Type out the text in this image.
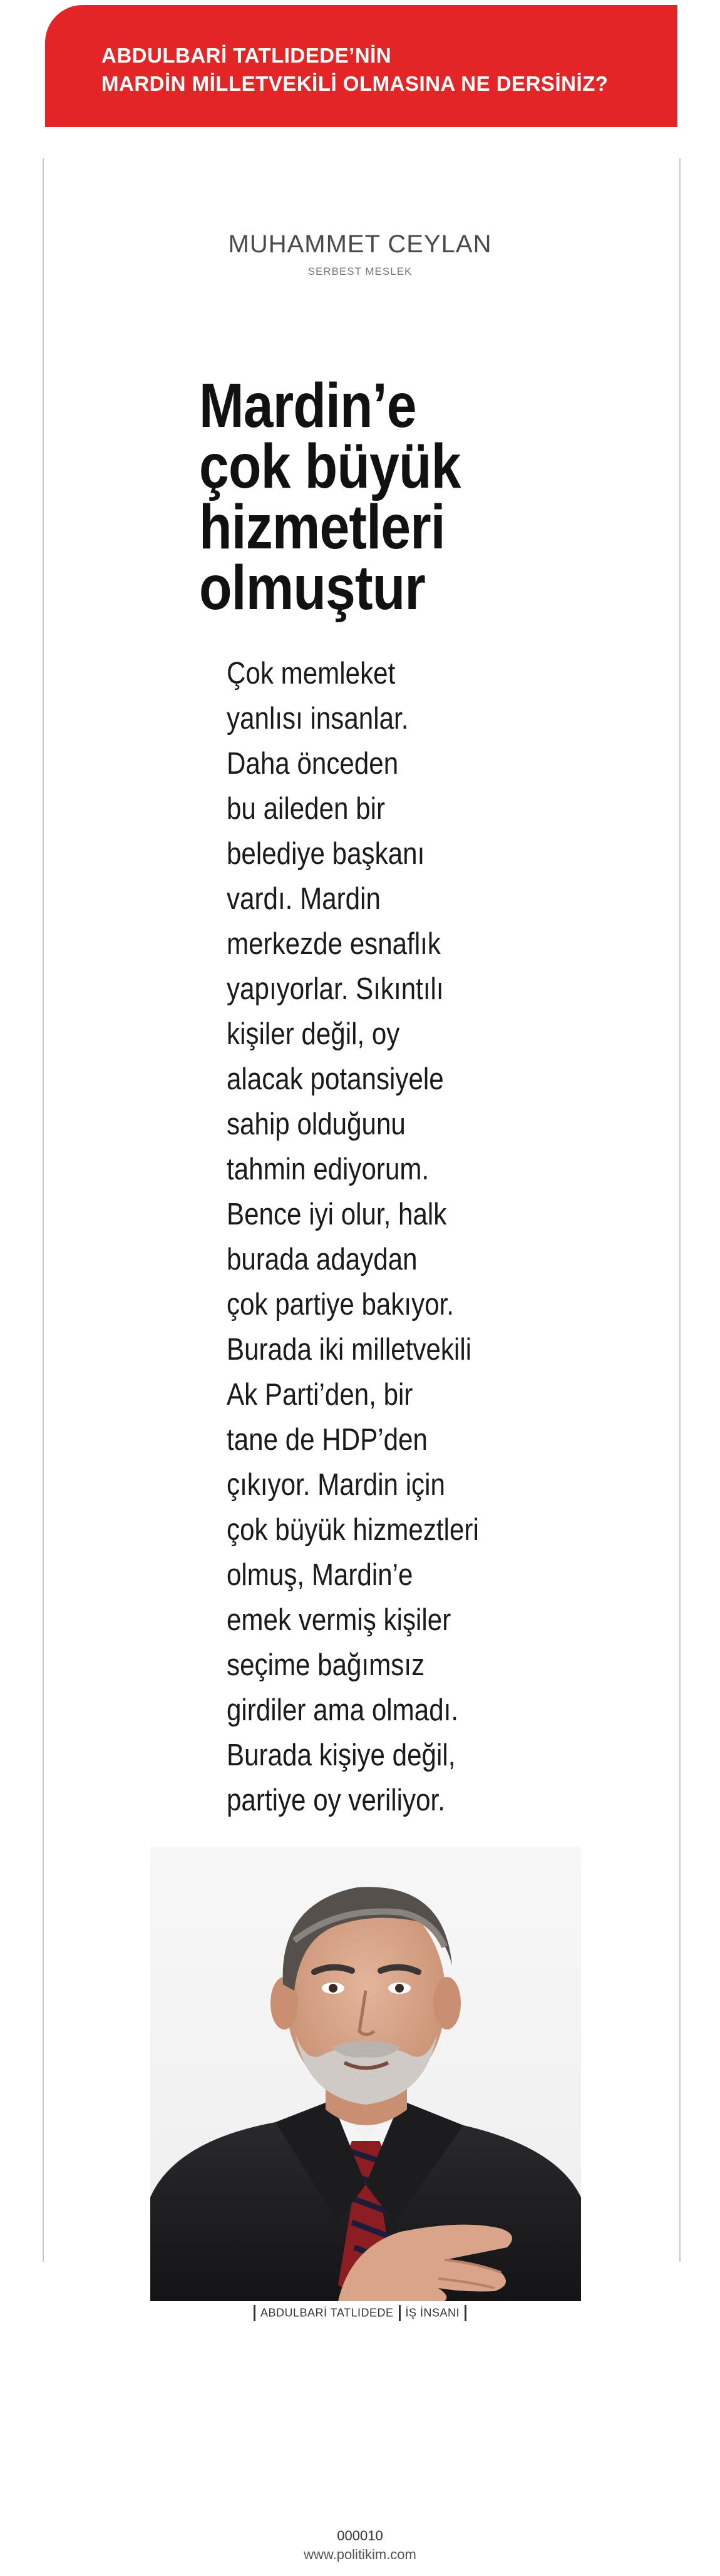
ABDULBARİ TATLIDEDE’NİN
MARDİN MİLLETVEKİLİ OLMASINA NE DERSİNİZ?
MUHAMMET CEYLAN
SERBEST MESLEK
Mardin’e
çok büyük
hizmetleri
olmuştur
Çok memleket
yanlısı insanlar.
Daha önceden
bu aileden bir
belediye başkanı
vardı. Mardin
merkezde esnaflık
yapıyorlar. Sıkıntılı
kişiler değil, oy
alacak potansiyele
sahip olduğunu
tahmin ediyorum.
Bence iyi olur, halk
burada adaydan
çok partiye bakıyor.
Burada iki milletvekili
Ak Parti’den, bir
tane de HDP’den
çıkıyor. Mardin için
çok büyük hizmeztleri
olmuş, Mardin’e
emek vermiş kişiler
seçime bağımsız
girdiler ama olmadı.
Burada kişiye değil,
partiye oy veriliyor.
ABDULBARİ TATLIDEDE İŞ İNSANI
000010
www.politikim.com
